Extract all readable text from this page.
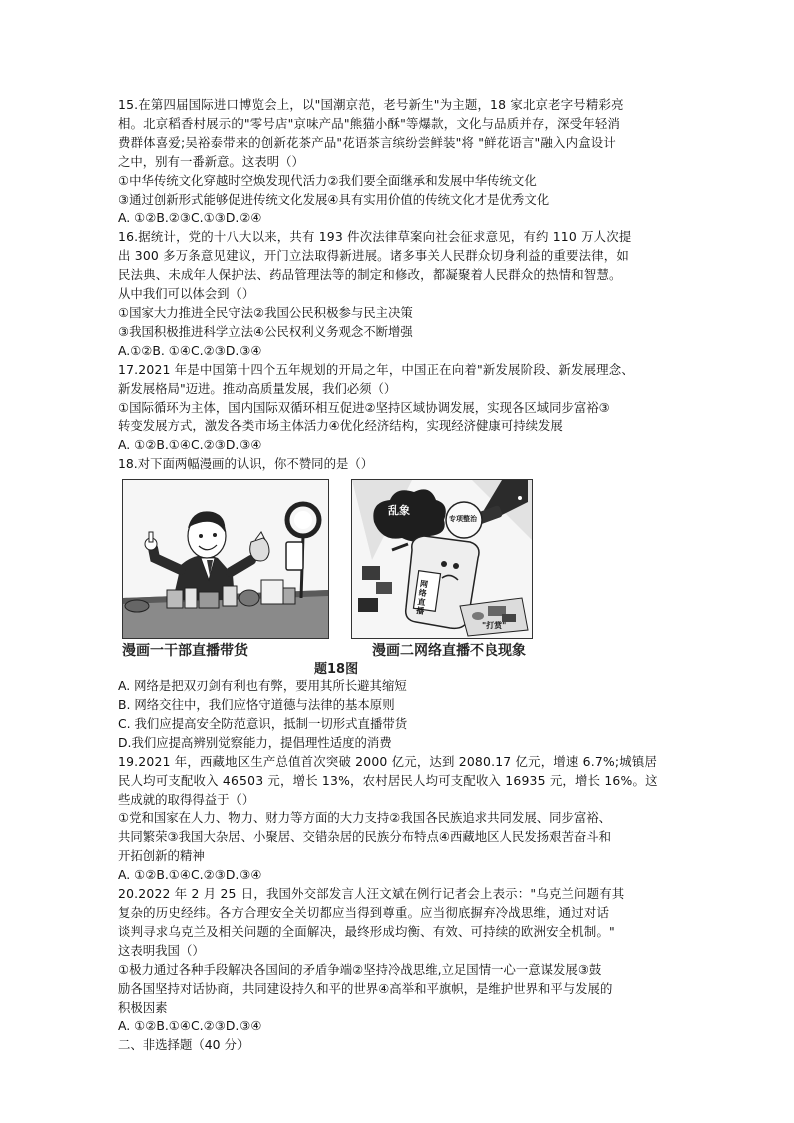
15.在第四届国际进口博览会上，以"国潮京范，老号新生"为主题，18 家北京老字号精彩亮
相。北京稻香村展示的"零号店"京味产品"熊猫小酥"等爆款，文化与品质并存，深受年轻消
费群体喜爱;吴裕泰带来的创新花茶产品"花语茶言缤纷尝鲜装"将 "鲜花语言"融入内盒设计
之中，别有一番新意。这表明（）
①中华传统文化穿越时空焕发现代活力②我们要全面继承和发展中华传统文化
③通过创新形式能够促进传统文化发展④具有实用价值的传统文化才是优秀文化
A. ①②B.②③C.①③D.②④
16.据统计，党的十八大以来，共有 193 件次法律草案向社会征求意见，有约 110 万人次提
出 300 多万条意见建议，开门立法取得新进展。诸多事关人民群众切身利益的重要法律，如
民法典、未成年人保护法、药品管理法等的制定和修改，都凝聚着人民群众的热情和智慧。
从中我们可以体会到（）
①国家大力推进全民守法②我国公民积极参与民主决策
③我国积极推进科学立法④公民权利义务观念不断增强
A.①②B. ①④C.②③D.③④
17.2021 年是中国第十四个五年规划的开局之年，中国正在向着"新发展阶段、新发展理念、
新发展格局"迈进。推动高质量发展，我们必须（）
①国际循环为主体，国内国际双循环相互促进②坚持区域协调发展，实现各区域同步富裕③
转变发展方式，激发各类市场主体活力④优化经济结构，实现经济健康可持续发展
A. ①②B.①④C.②③D.③④
18.对下面两幅漫画的认识，你不赞同的是（）
乱象
专项整治
网络直播
"打赏"
漫画一干部直播带货	漫画二网络直播不良现象
题18图
A. 网络是把双刃剑有利也有弊，要用其所长避其缩短
B. 网络交往中，我们应恪守道德与法律的基本原则
C. 我们应提高安全防范意识，抵制一切形式直播带货
D.我们应提高辨别觉察能力，提倡理性适度的消费
19.2021 年，西藏地区生产总值首次突破 2000 亿元，达到 2080.17 亿元，增速 6.7%;城镇居
民人均可支配收入 46503 元，增长 13%，农村居民人均可支配收入 16935 元，增长 16%。这
些成就的取得得益于（）
①党和国家在人力、物力、财力等方面的大力支持②我国各民族追求共同发展、同步富裕、
共同繁荣③我国大杂居、小聚居、交错杂居的民族分布特点④西藏地区人民发扬艰苦奋斗和
开拓创新的精神
A. ①②B.①④C.②③D.③④
20.2022 年 2 月 25 日，我国外交部发言人汪文斌在例行记者会上表示："乌克兰问题有其
复杂的历史经纬。各方合理安全关切都应当得到尊重。应当彻底摒弃冷战思维，通过对话
谈判寻求乌克兰及相关问题的全面解决，最终形成均衡、有效、可持续的欧洲安全机制。"
这表明我国（）
①极力通过各种手段解决各国间的矛盾争端②坚持冷战思维,立足国情一心一意谋发展③鼓
励各国坚持对话协商，共同建设持久和平的世界④高举和平旗帜，是维护世界和平与发展的
积极因素
A. ①②B.①④C.②③D.③④
二、非选择题（40 分）
